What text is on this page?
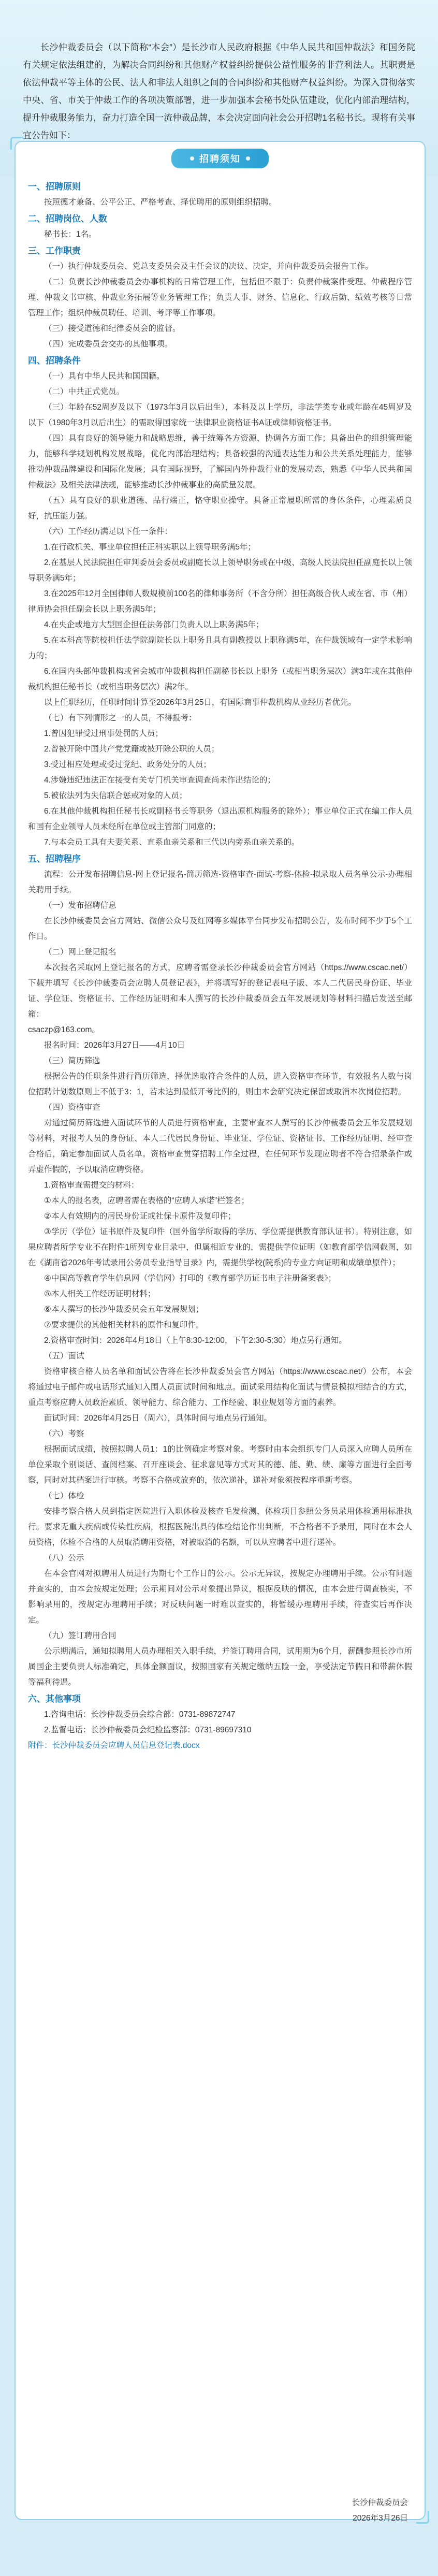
长沙仲裁委员会（以下简称“本会”）是长沙市人民政府根据《中华人民共和国仲裁法》和国务院有关规定依法组建的，为解决合同纠纷和其他财产权益纠纷提供公益性服务的非营利法人。其职责是依法仲裁平等主体的公民、法人和非法人组织之间的合同纠纷和其他财产权益纠纷。为深入贯彻落实中央、省、市关于仲裁工作的各项决策部署，进一步加强本会秘书处队伍建设，优化内部治理结构，提升仲裁服务能力，奋力打造全国一流仲裁品牌，本会决定面向社会公开招聘1名秘书长。现将有关事宜公告如下：

招聘须知

一、招聘原则

按照德才兼备、公平公正、严格考查、择优聘用的原则组织招聘。

二、招聘岗位、人数

秘书长：1名。

三、工作职责

（一）执行仲裁委员会、党总支委员会及主任会议的决议、决定，并向仲裁委员会报告工作。

（二）负责长沙仲裁委员会办事机构的日常管理工作，包括但不限于：负责仲裁案件受理、仲裁程序管理、仲裁文书审核、仲裁业务拓展等业务管理工作；负责人事、财务、信息化、行政后勤、绩效考核等日常管理工作；组织仲裁员聘任、培训、考评等工作事项。

（三）接受道德和纪律委员会的监督。

（四）完成委员会交办的其他事项。

四、招聘条件

（一）具有中华人民共和国国籍。

（二）中共正式党员。

（三）年龄在52周岁及以下（1973年3月以后出生），本科及以上学历，非法学类专业或年龄在45周岁及以下（1980年3月以后出生）的需取得国家统一法律职业资格证书A证或律师资格证书。

（四）具有良好的领导能力和战略思维，善于统筹各方资源，协调各方面工作；具备出色的组织管理能力，能够科学规划机构发展战略，优化内部治理结构；具备较强的沟通表达能力和公共关系处理能力，能够推动仲裁品牌建设和国际化发展；具有国际视野，了解国内外仲裁行业的发展动态，熟悉《中华人民共和国仲裁法》及相关法律法规，能够推动长沙仲裁事业的高质量发展。

（五）具有良好的职业道德、品行端正，恪守职业操守。具备正常履职所需的身体条件，心理素质良好，抗压能力强。

（六）工作经历满足以下任一条件：

1.在行政机关、事业单位担任正科实职以上领导职务满5年；

2.在基层人民法院担任审判委员会委员或副庭长以上领导职务或在中级、高级人民法院担任副庭长以上领导职务满5年；

3.在2025年12月全国律师人数规模前100名的律师事务所（不含分所）担任高级合伙人或在省、市（州）律师协会担任副会长以上职务满5年；

4.在央企或地方大型国企担任法务部门负责人以上职务满5年；

5.在本科高等院校担任法学院副院长以上职务且具有副教授以上职称满5年，在仲裁领域有一定学术影响力的；

6.在国内头部仲裁机构或省会城市仲裁机构担任副秘书长以上职务（或相当职务层次）满3年或在其他仲裁机构担任秘书长（或相当职务层次）满2年。

以上任职经历，任职时间计算至2026年3月25日，有国际商事仲裁机构从业经历者优先。

（七）有下列情形之一的人员，不得报考：

1.曾因犯罪受过刑事处罚的人员；

2.曾被开除中国共产党党籍或被开除公职的人员；

3.受过相应处理或受过党纪、政务处分的人员；

4.涉嫌违纪违法正在接受有关专门机关审查调查尚未作出结论的；

5.被依法列为失信联合惩戒对象的人员；

6.在其他仲裁机构担任秘书长或副秘书长等职务（退出原机构服务的除外）；事业单位正式在编工作人员和国有企业领导人员未经所在单位或主管部门同意的；

7.与本会员工具有夫妻关系、直系血亲关系和三代以内旁系血亲关系的。

五、招聘程序

流程：公开发布招聘信息-网上登记报名-简历筛选-资格审查-面试-考察-体检-拟录取人员名单公示-办理相关聘用手续。

（一）发布招聘信息

在长沙仲裁委员会官方网站、微信公众号及红网等多媒体平台同步发布招聘公告，发布时间不少于5个工作日。

（二）网上登记报名

本次报名采取网上登记报名的方式，应聘者需登录长沙仲裁委员会官方网站（https://www.cscac.net/）下载并填写《长沙仲裁委员会应聘人员登记表》，并将填写好的登记表电子版、本人二代居民身份证、毕业证、学位证、资格证书、工作经历证明和本人撰写的长沙仲裁委员会五年发展规划等材料扫描后发送至邮箱：

csaczp@163.com。

报名时间：2026年3月27日——4月10日

（三）简历筛选

根据公告的任职条件进行简历筛选，择优选取符合条件的人员，进入资格审查环节，有效报名人数与岗位招聘计划数原则上不低于3：1，若未达到最低开考比例的，则由本会研究决定保留或取消本次岗位招聘。

（四）资格审查

对通过简历筛选进入面试环节的人员进行资格审查，主要审查本人撰写的长沙仲裁委员会五年发展规划等材料，对报考人员的身份证、本人二代居民身份证、毕业证、学位证、资格证书、工作经历证明、经审查合格后，确定参加面试人员名单。资格审查贯穿招聘工作全过程，在任何环节发现应聘者不符合招录条件或弄虚作假的，予以取消应聘资格。

1.资格审查需提交的材料：

①本人的报名表，应聘者需在表格的“应聘人承诺”栏签名；

②本人有效期内的居民身份证或社保卡原件及复印件；

③学历（学位）证书原件及复印件（国外留学所取得的学历、学位需提供教育部认证书）。特别注意，如果应聘者所学专业不在附件1所列专业目录中，但属相近专业的，需提供学位证明（如教育部学信网截图，如在《湖南省2026年考试录用公务员专业指导目录》内，需提供学校(院系)的专业方向证明和成绩单原件）；

④中国高等教育学生信息网（学信网）打印的《教育部学历证书电子注册备案表》；

⑤本人相关工作经历证明材料；

⑥本人撰写的长沙仲裁委员会五年发展规划；

⑦要求提供的其他相关材料的原件和复印件。

2.资格审查时间：2026年4月18日（上午8:30-12:00，下午2:30-5:30）地点另行通知。

（五）面试

资格审核合格人员名单和面试公告将在长沙仲裁委员会官方网站（https://www.cscac.net/）公布，本会将通过电子邮件或电话形式通知入围人员面试时间和地点。面试采用结构化面试与情景模拟相结合的方式，重点考察应聘人员政治素质、领导能力、综合能力、工作经验、职业规划等方面的素养。

面试时间：2026年4月25日（周六），具体时间与地点另行通知。

（六）考察

根据面试成绩，按照拟聘人员1：1的比例确定考察对象。考察时由本会组织专门人员深入应聘人员所在单位采取个别谈话、查阅档案、召开座谈会、征求意见等方式对其的德、能、勤、绩、廉等方面进行全面考察，同时对其档案进行审核。考察不合格或放弃的，依次递补，递补对象须按程序重新考察。

（七）体检

安排考察合格人员到指定医院进行入职体检及核查毛发检测，体检项目参照公务员录用体检通用标准执行。要求无重大疾病或传染性疾病，根据医院出具的体检结论作出判断，不合格者不予录用，同时在本会人员资格，体检不合格的人员取消聘用资格，对被取消的名额，可以从应聘者中进行递补。

（八）公示

在本会官网对拟聘用人员进行为期七个工作日的公示。公示无异议，按规定办理聘用手续。公示有问题并查实的，由本会按规定处理；公示期间对公示对象提出异议，根据反映的情况，由本会进行调查核实，不影响录用的，按规定办理聘用手续；对反映问题一时难以查实的，将暂缓办理聘用手续，待查实后再作决定。

（九）签订聘用合同

公示期满后，通知拟聘用人员办理相关入职手续，并签订聘用合同，试用期为6个月，薪酬参照长沙市所属国企主要负责人标准确定，具体金额面议，按照国家有关规定缴纳五险一金，享受法定节假日和带薪休假等福利待遇。

六、其他事项

1.咨询电话：长沙仲裁委员会综合部：0731-89872747

2.监督电话：长沙仲裁委员会纪检监察部：0731-89697310

附件：长沙仲裁委员会应聘人员信息登记表.docx

长沙仲裁委员会
2026年3月26日
